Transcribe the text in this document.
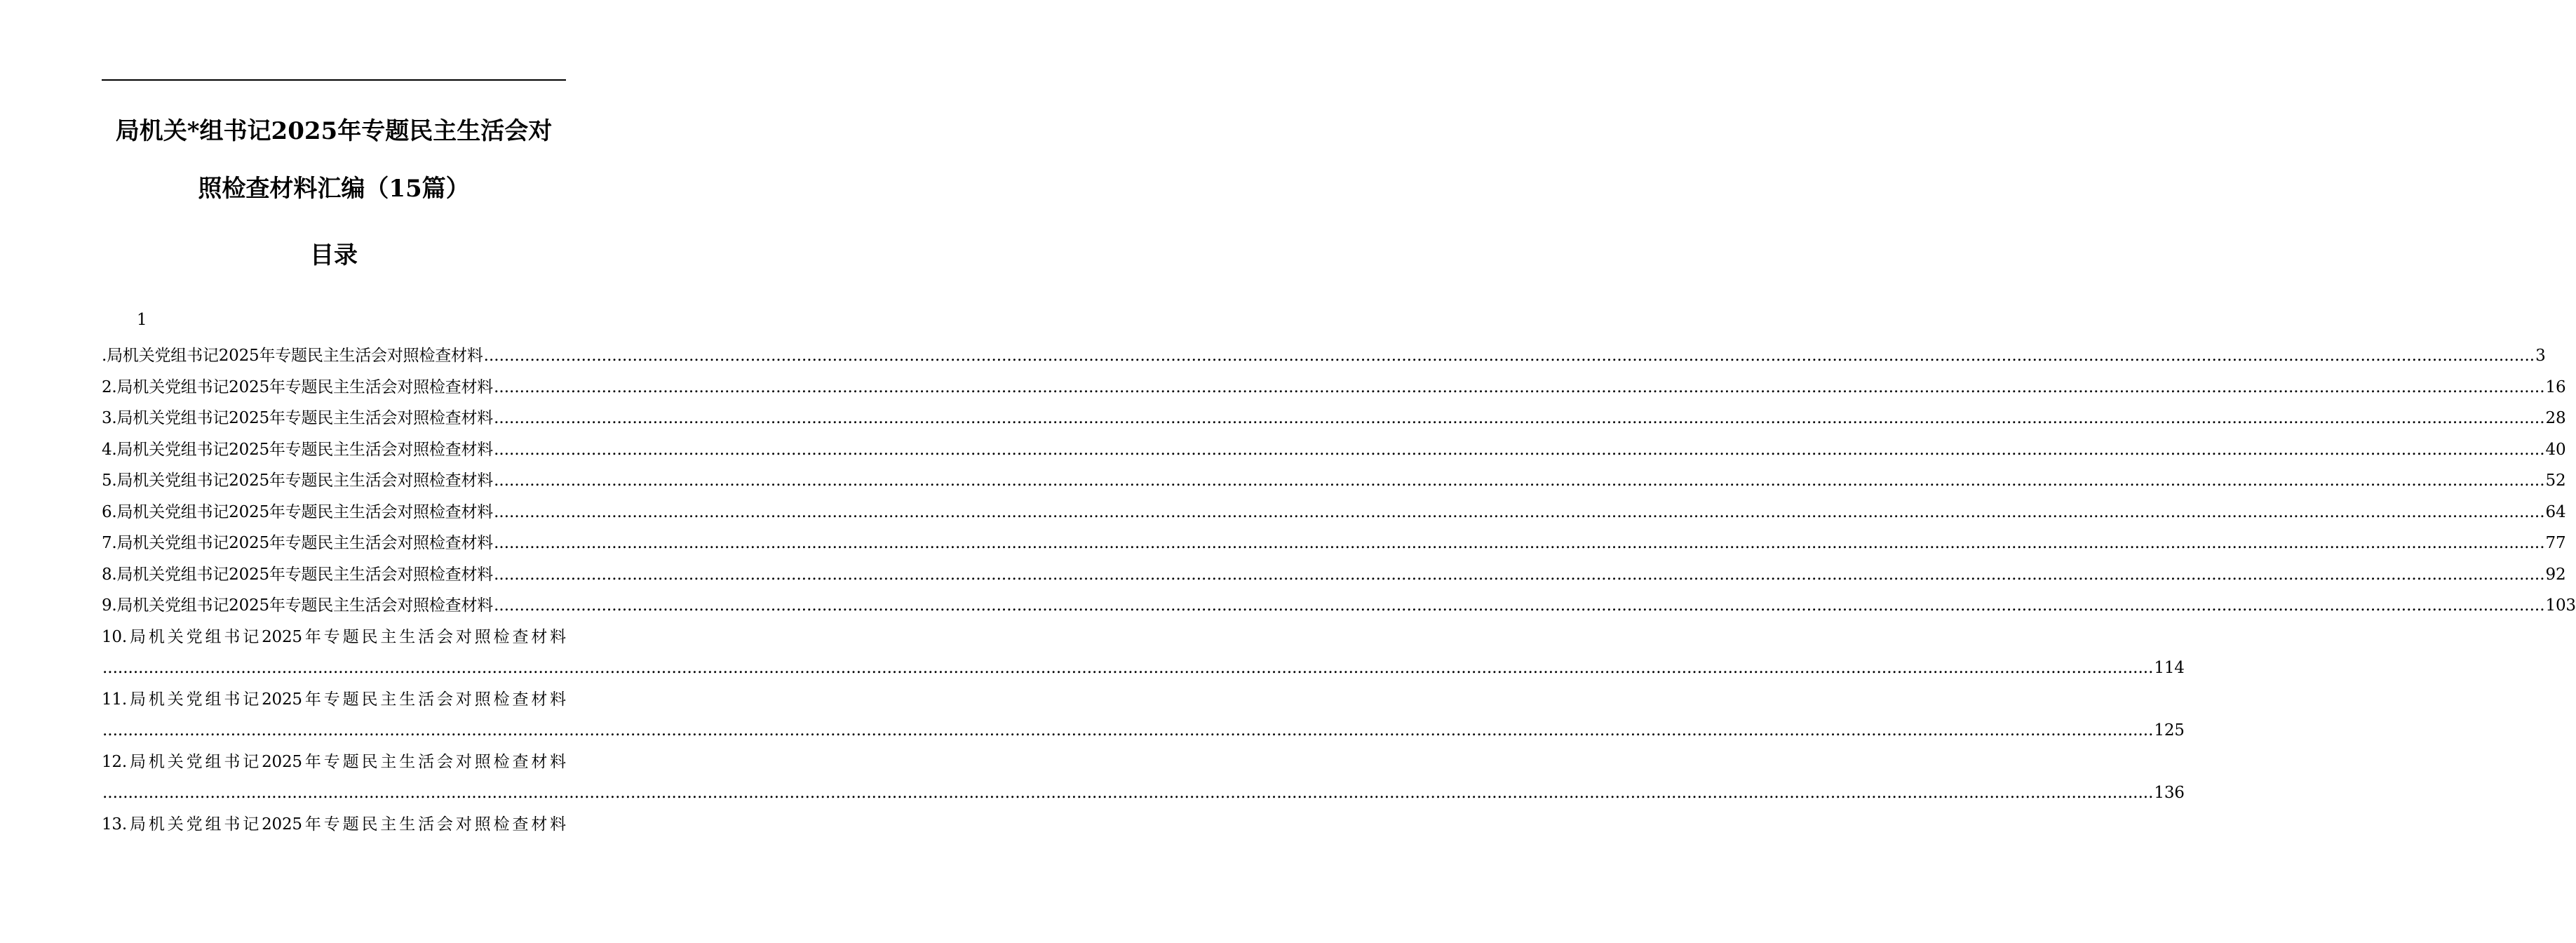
局机关*组书记2025年专题民主生活会对
照检查材料汇编（15篇）
目录
1
.局机关党组书记2025年专题民主生活会对照检查材料 ................................................................................................................................................................................................................................................................................................................................................................................................................ 3
2. 局机关党组书记2025年专题民主生活会对照检查材料 ................................................................................................................................................................................................................................................................................................................................................................................................................ 16
3. 局机关党组书记2025年专题民主生活会对照检查材料 ................................................................................................................................................................................................................................................................................................................................................................................................................ 28
4. 局机关党组书记2025年专题民主生活会对照检查材料 ................................................................................................................................................................................................................................................................................................................................................................................................................ 40
5. 局机关党组书记2025年专题民主生活会对照检查材料 ................................................................................................................................................................................................................................................................................................................................................................................................................ 52
6. 局机关党组书记2025年专题民主生活会对照检查材料 ................................................................................................................................................................................................................................................................................................................................................................................................................ 64
7. 局机关党组书记2025年专题民主生活会对照检查材料 ................................................................................................................................................................................................................................................................................................................................................................................................................ 77
8. 局机关党组书记2025年专题民主生活会对照检查材料 ................................................................................................................................................................................................................................................................................................................................................................................................................ 92
9. 局机关党组书记2025年专题民主生活会对照检查材料 ................................................................................................................................................................................................................................................................................................................................................................................................................ 103
10.局机关党组书记2025年专题民主生活会对照检查材料
................................................................................................................................................................................................................................................................................................................................................................................................................ 114
11.局机关党组书记2025年专题民主生活会对照检查材料
................................................................................................................................................................................................................................................................................................................................................................................................................ 125
12.局机关党组书记2025年专题民主生活会对照检查材料
................................................................................................................................................................................................................................................................................................................................................................................................................ 136
13.局机关党组书记2025年专题民主生活会对照检查材料
